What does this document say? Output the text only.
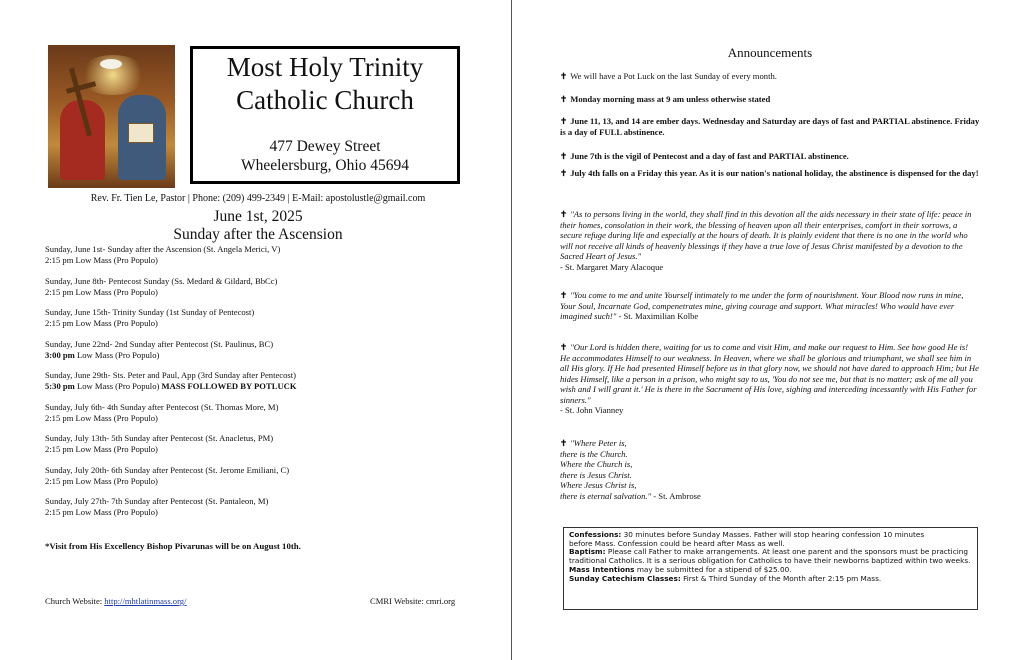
Most Holy Trinity
Catholic Church
477 Dewey Street
Wheelersburg, Ohio 45694
Rev. Fr. Tien Le, Pastor | Phone: (209) 499-2349 | E-Mail: apostolustle@gmail.com
June 1st, 2025
Sunday after the Ascension
Sunday, June 1st- Sunday after the Ascension (St. Angela Merici, V)
2:15 pm Low Mass (Pro Populo)
Sunday, June 8th- Pentecost Sunday (Ss. Medard & Gildard, BbCc)
2:15 pm Low Mass (Pro Populo)
Sunday, June 15th- Trinity Sunday (1st Sunday of Pentecost)
2:15 pm Low Mass (Pro Populo)
Sunday, June 22nd- 2nd Sunday after Pentecost (St. Paulinus, BC)
3:00 pm Low Mass (Pro Populo)
Sunday, June 29th- Sts. Peter and Paul, App (3rd Sunday after Pentecost)
5:30 pm Low Mass (Pro Populo) MASS FOLLOWED BY POTLUCK
Sunday, July 6th- 4th Sunday after Pentecost (St. Thomas More, M)
2:15 pm Low Mass (Pro Populo)
Sunday, July 13th- 5th Sunday after Pentecost (St. Anacletus, PM)
2:15 pm Low Mass (Pro Populo)
Sunday, July 20th- 6th Sunday after Pentecost (St. Jerome Emiliani, C)
2:15 pm Low Mass (Pro Populo)
Sunday, July 27th- 7th Sunday after Pentecost (St. Pantaleon, M)
2:15 pm Low Mass (Pro Populo)
*Visit from His Excellency Bishop Pivarunas will be on August 10th.
Church Website: http://mhtlatinmass.org/	CMRI Website: cmri.org
Announcements
✝ We will have a Pot Luck on the last Sunday of every month.
✝ Monday morning mass at 9 am unless otherwise stated
✝ June 11, 13, and 14 are ember days. Wednesday and Saturday are days of fast and PARTIAL abstinence. Friday is a day of FULL abstinence.
✝ June 7th is the vigil of Pentecost and a day of fast and PARTIAL abstinence.
✝ July 4th falls on a Friday this year. As it is our nation's national holiday, the abstinence is dispensed for the day!
✝ "As to persons living in the world, they shall find in this devotion all the aids necessary in their state of life: peace in their homes, consolation in their work, the blessing of heaven upon all their enterprises, comfort in their sorrows, a secure refuge during life and especially at the hours of death. It is plainly evident that there is no one in the world who will not receive all kinds of heavenly blessings if they have a true love of Jesus Christ manifested by a devotion to the Sacred Heart of Jesus."
- St. Margaret Mary Alacoque
✝ "You come to me and unite Yourself intimately to me under the form of nourishment. Your Blood now runs in mine, Your Soul, Incarnate God, compenetrates mine, giving courage and support. What miracles! Who would have ever imagined such!" - St. Maximilian Kolbe
✝ "Our Lord is hidden there, waiting for us to come and visit Him, and make our request to Him. See how good He is! He accommodates Himself to our weakness. In Heaven, where we shall be glorious and triumphant, we shall see him in all His glory. If He had presented Himself before us in that glory now, we should not have dared to approach Him; but He hides Himself, like a person in a prison, who might say to us, 'You do not see me, but that is no matter; ask of me all you wish and I will grant it.' He is there in the Sacrament of His love, sighing and interceding incessantly with His Father for sinners."
- St. John Vianney
✝ "Where Peter is,
there is the Church.
Where the Church is,
there is Jesus Christ.
Where Jesus Christ is,
there is eternal salvation." - St. Ambrose
Confessions: 30 minutes before Sunday Masses. Father will stop hearing confession 10 minutes
before Mass. Confession could be heard after Mass as well.
Baptism: Please call Father to make arrangements. At least one parent and the sponsors must be practicing traditional Catholics. It is a serious obligation for Catholics to have their newborns baptized within two weeks.
Mass Intentions may be submitted for a stipend of $25.00.
Sunday Catechism Classes: First & Third Sunday of the Month after 2:15 pm Mass.
